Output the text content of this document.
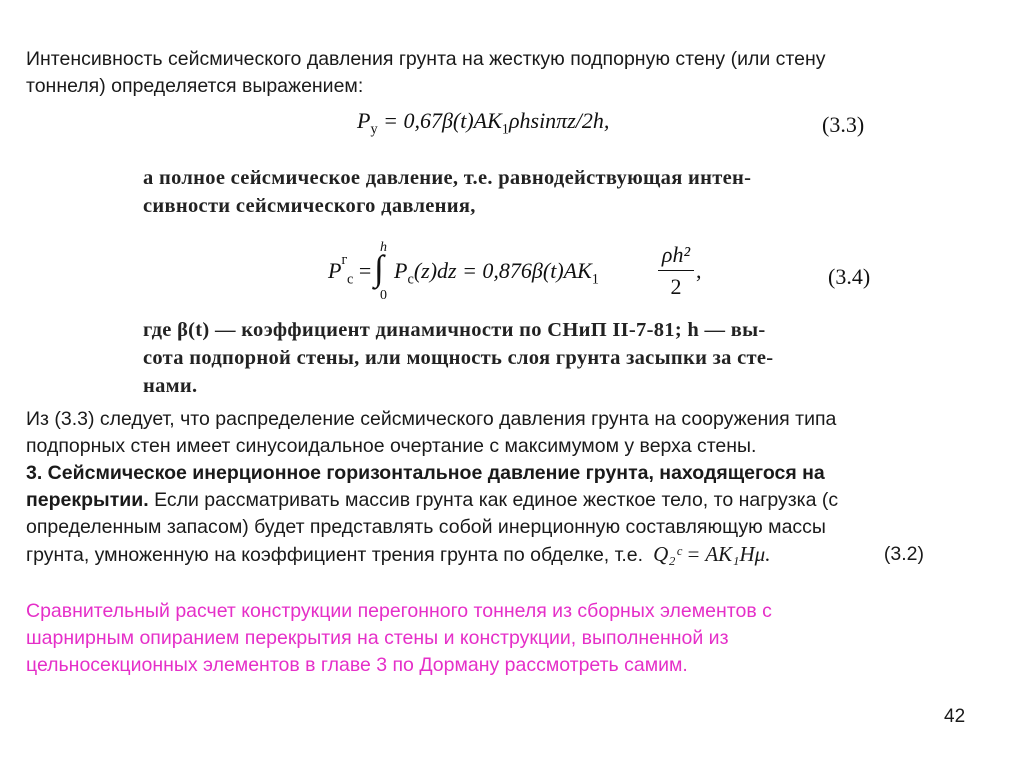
Интенсивность сейсмического давления грунта на жесткую подпорную стену (или стену
тоннеля) определяется выражением:

$P_y = 0,67\beta(t)AK_1\rho hsin\pi z/2h$,	(3.3)
а полное сейсмическое давление, т.е. равнодействующая интен-
сивности сейсмического давления,
P г
$_c$ =
h
∫
0
$P_c(z)dz = 0,876\beta(t)AK_1$
ρh²
2
,	(3.4)
где β(t) — коэффициент динамичности по СНиП II-7-81; h — вы-
сота подпорной стены, или мощность слоя грунта засыпки за сте-
нами.
Из (3.3) следует, что распределение сейсмического давления грунта на сооружения типа
подпорных стен имеет синусоидальное очертание с максимумом у верха стены.
3. Сейсмическое инерционное горизонтальное давление грунта, находящегося на
перекрытии. Если рассматривать массив грунта как единое жесткое тело, то нагрузка (с
определенным запасом) будет представлять собой инерционную составляющую массы
грунта, умноженную на коэффициент трения грунта по обделке, т.е. Q₂ᶜ = AK₁Hμ.	(3.2)
Сравнительный расчет конструкции перегонного тоннеля из сборных элементов с
шарнирным опиранием перекрытия на стены и конструкции, выполненной из
цельносекционных элементов в главе 3 по Дорману рассмотреть самим.
42
